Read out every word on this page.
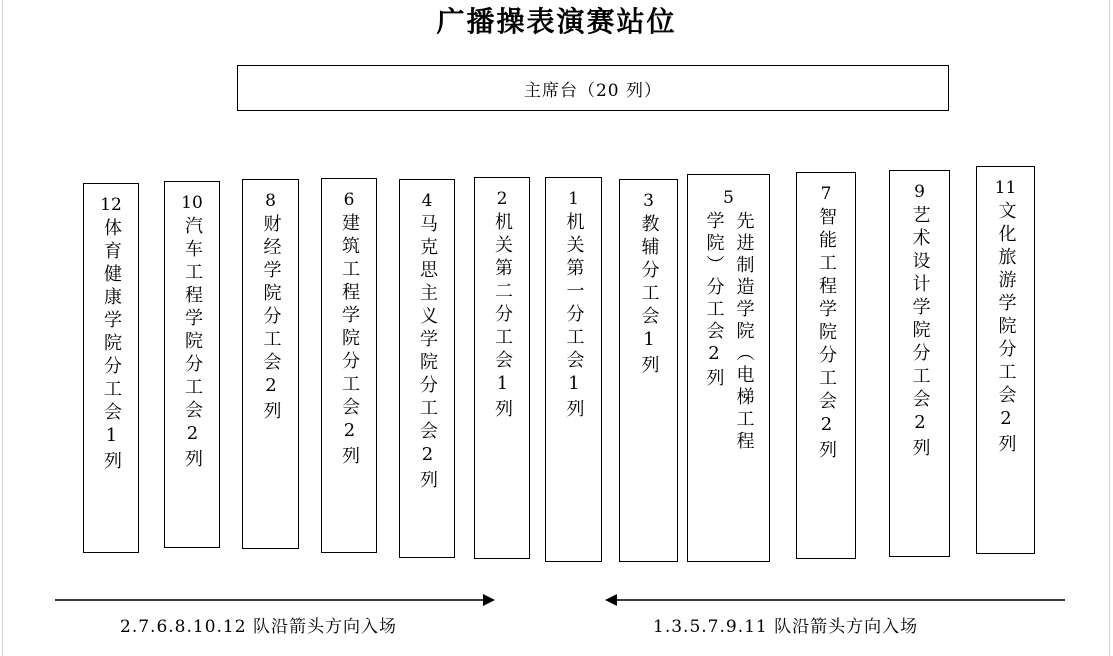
广播操表演赛站位
主席台（20 列）
12
体育健康学院分工会1列
10
汽车工程学院分工会2列
8
财经学院分工会2列
6
建筑工程学院分工会2列
4
马克思主义学院分工会2列
2
机关第二分工会1列
1
机关第一分工会1列
3
教辅分工会1列
5
先进制造学院（电梯工程学院）分工会2列
7
智能工程学院分工会2列
9
艺术设计学院分工会2列
11
文化旅游学院分工会2列
2.7.6.8.10.12 队沿箭头方向入场	1.3.5.7.9.11 队沿箭头方向入场
